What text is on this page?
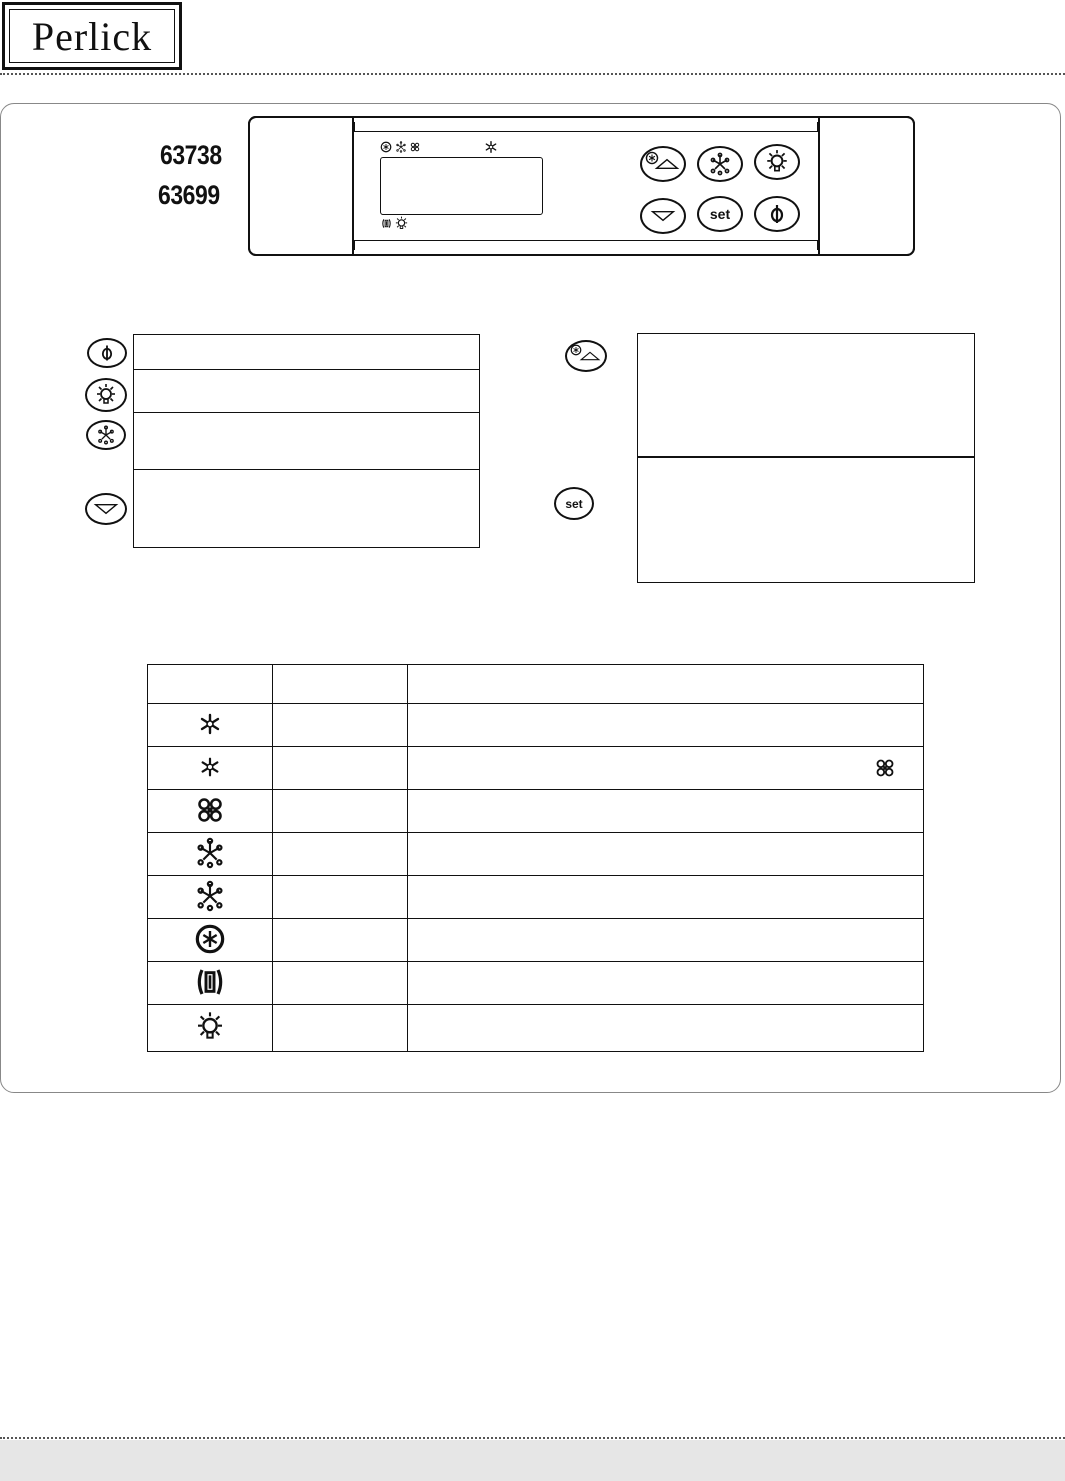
Perlick
63738
63699
set
set
